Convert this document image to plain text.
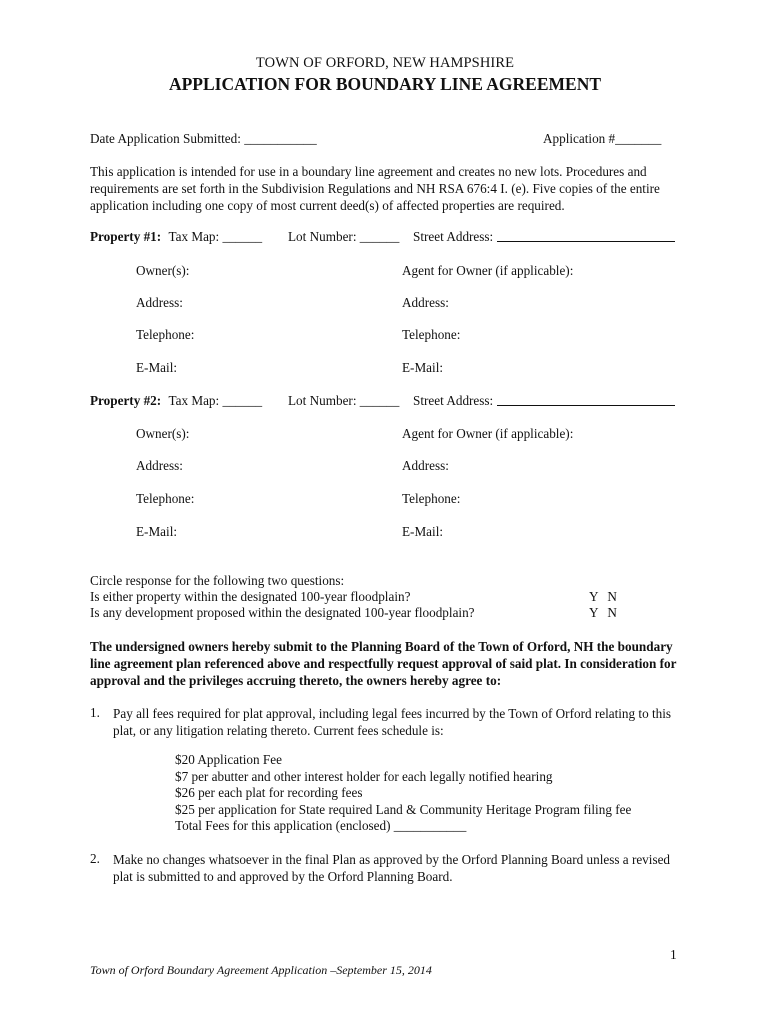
TOWN OF ORFORD, NEW HAMPSHIRE
APPLICATION FOR BOUNDARY LINE AGREEMENT
Date Application Submitted: ___________	Application #_______
This application is intended for use in a boundary line agreement and creates no new lots. Procedures and requirements are set forth in the Subdivision Regulations and NH RSA 676:4 I. (e). Five copies of the entire application including one copy of most current deed(s) of affected properties are required.
Property #1: Tax Map: ______ Lot Number: ______ Street Address:
Owner(s):	Agent for Owner (if applicable):
Address:	Address:
Telephone:	Telephone:
E-Mail:	E-Mail:
Property #2: Tax Map: ______ Lot Number: ______ Street Address:
Owner(s):	Agent for Owner (if applicable):
Address:	Address:
Telephone:	Telephone:
E-Mail:	E-Mail:
Circle response for the following two questions:
Is either property within the designated 100-year floodplain?	Y N
Is any development proposed within the designated 100-year floodplain?	Y N
The undersigned owners hereby submit to the Planning Board of the Town of Orford, NH the boundary line agreement plan referenced above and respectfully request approval of said plat. In consideration for approval and the privileges accruing thereto, the owners hereby agree to:
1. Pay all fees required for plat approval, including legal fees incurred by the Town of Orford relating to this plat, or any litigation relating thereto. Current fees schedule is:
$20 Application Fee
$7 per abutter and other interest holder for each legally notified hearing
$26 per each plat for recording fees
$25 per application for State required Land & Community Heritage Program filing fee
Total Fees for this application (enclosed) ___________
2. Make no changes whatsoever in the final Plan as approved by the Orford Planning Board unless a revised plat is submitted to and approved by the Orford Planning Board.
1
Town of Orford Boundary Agreement Application –September 15, 2014
